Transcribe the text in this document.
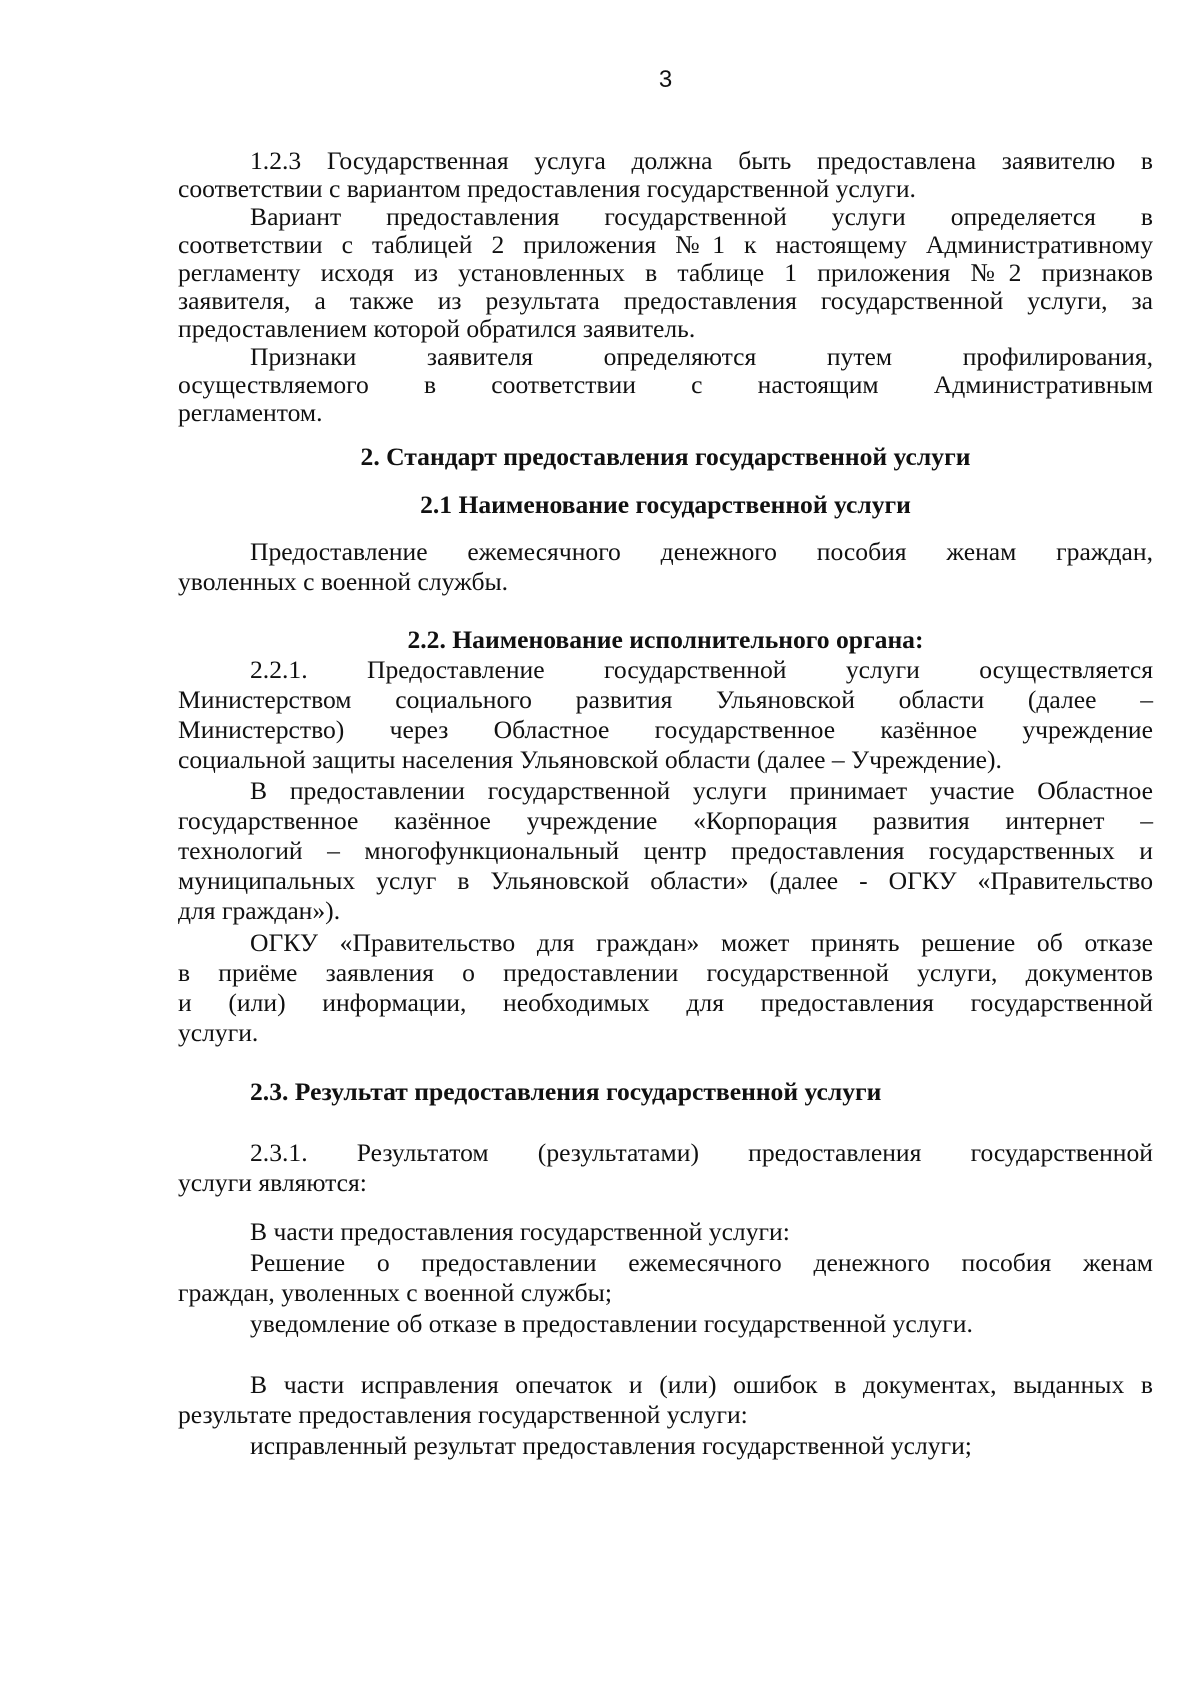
3
1.2.3 Государственная услуга должна быть предоставлена заявителю в
соответствии с вариантом предоставления государственной услуги.
Вариант предоставления государственной услуги определяется в
соответствии с таблицей 2 приложения №1 к настоящему Административному
регламенту исходя из установленных в таблице 1 приложения №2 признаков
заявителя, а также из результата предоставления государственной услуги, за
предоставлением которой обратился заявитель.
Признаки заявителя определяются путем профилирования,
осуществляемого в соответствии с настоящим Административным
регламентом.
2. Стандарт предоставления государственной услуги
2.1 Наименование государственной услуги
Предоставление ежемесячного денежного пособия женам граждан,
уволенных с военной службы.
2.2. Наименование исполнительного органа:
2.2.1. Предоставление государственной услуги осуществляется
Министерством социального развития Ульяновской области (далее –
Министерство) через Областное государственное казённое учреждение
социальной защиты населения Ульяновской области (далее – Учреждение).
В предоставлении государственной услуги принимает участие Областное
государственное казённое учреждение «Корпорация развития интернет –
технологий – многофункциональный центр предоставления государственных и
муниципальных услуг в Ульяновской области» (далее - ОГКУ «Правительство
для граждан»).
ОГКУ «Правительство для граждан» может принять решение об отказе
в приёме заявления о предоставлении государственной услуги, документов
и (или) информации, необходимых для предоставления государственной
услуги.
2.3. Результат предоставления государственной услуги
2.3.1. Результатом (результатами) предоставления государственной
услуги являются:
В части предоставления государственной услуги:
Решение о предоставлении ежемесячного денежного пособия женам
граждан, уволенных с военной службы;
уведомление об отказе в предоставлении государственной услуги.
В части исправления опечаток и (или) ошибок в документах, выданных в
результате предоставления государственной услуги:
исправленный результат предоставления государственной услуги;
